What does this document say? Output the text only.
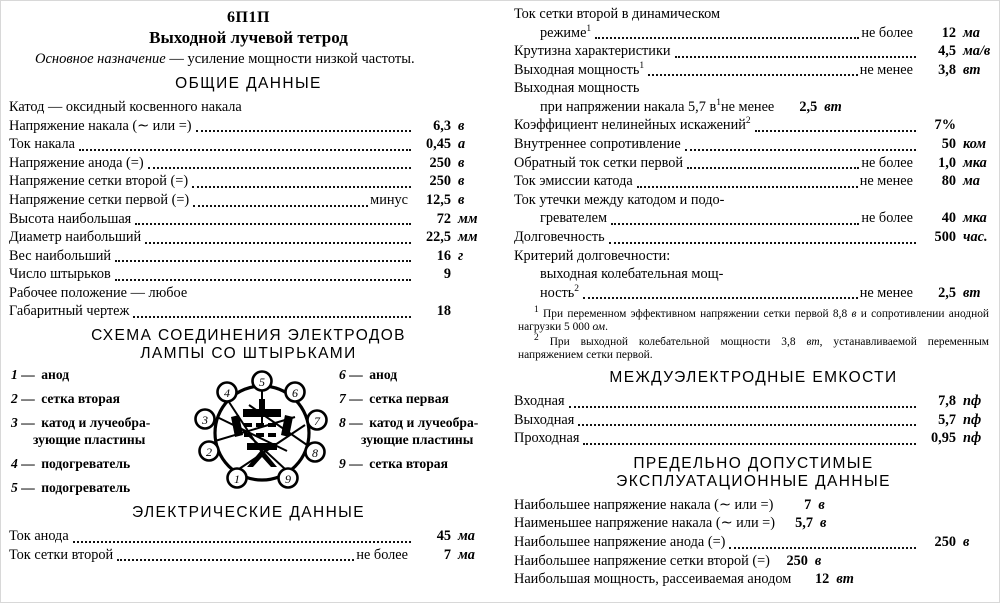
6П1П
Выходной лучевой тетрод
Основное назначение — усиление мощности низкой частоты.
ОБЩИЕ ДАННЫЕ
Катод — оксидный косвенного накала
Напряжение накала (∼ или =)	6,3 в
Ток накала	0,45 а
Напряжение анода (=)	250 в
Напряжение сетки второй (=)	250 в
Напряжение сетки первой (=)	минус	12,5 в
Высота наибольшая	72 мм
Диаметр наибольший	22,5 мм
Вес наибольший	16 г
Число штырьков	9
Рабочее положение — любое
Габаритный чертеж	18
СХЕМА СОЕДИНЕНИЯ ЭЛЕКТРОДОВ
ЛАМПЫ СО ШТЫРЬКАМИ
1 — анод
2 — сетка вторая
3 — катод и лучеобра-
зующие пластины
4 — подогреватель
5 — подогреватель
6 — анод
7 — сетка первая
8 — катод и лучеобра-
зующие пластины
9 — сетка вторая
1
2
3
4
5
6
7
8
9
ЭЛЕКТРИЧЕСКИЕ ДАННЫЕ
Ток анода	45 ма
Ток сетки второй	не более	7 ма
Ток сетки второй в динамическом
режиме$^1$	не более	12 ма
Крутизна характеристики	4,5 ма/в
Выходная мощность$^1$	не менее	3,8 вт
Выходная мощность
при напряжении накала 5,7 $в^1$ не менее	2,5 вт
Коэффициент нелинейных искажений$^2$	7%
Внутреннее сопротивление	50 ком
Обратный ток сетки первой	не более	1,0 мка
Ток эмиссии катода	не менее	80 ма
Ток утечки между катодом и подо-
гревателем	не более	40 мка
Долговечность	500 час.
Критерий долговечности:
выходная колебательная мощ-
ность$^2$	не менее	2,5 вт

$^1$ При переменном эффективном напряжении сетки первой 8,8 в и сопротивлении анодной нагрузки 5 000 ом.

$^2$ При выходной колебательной мощности 3,8 вт, устанавливаемой переменным напряжением сетки первой.

МЕЖДУЭЛЕКТРОДНЫЕ ЕМКОСТИ
Входная	7,8 пф
Выходная	5,7 пф
Проходная	0,95 пф
ПРЕДЕЛЬНО ДОПУСТИМЫЕ
ЭКСПЛУАТАЦИОННЫЕ ДАННЫЕ
Наибольшее напряжение накала (∼ или =)	7 в
Наименьшее напряжение накала (∼ или =)	5,7 в
Наибольшее напряжение анода (=)	250 в
Наибольшее напряжение сетки второй (=)	250 в
Наибольшая мощность, рассеиваемая анодом	12 вт
